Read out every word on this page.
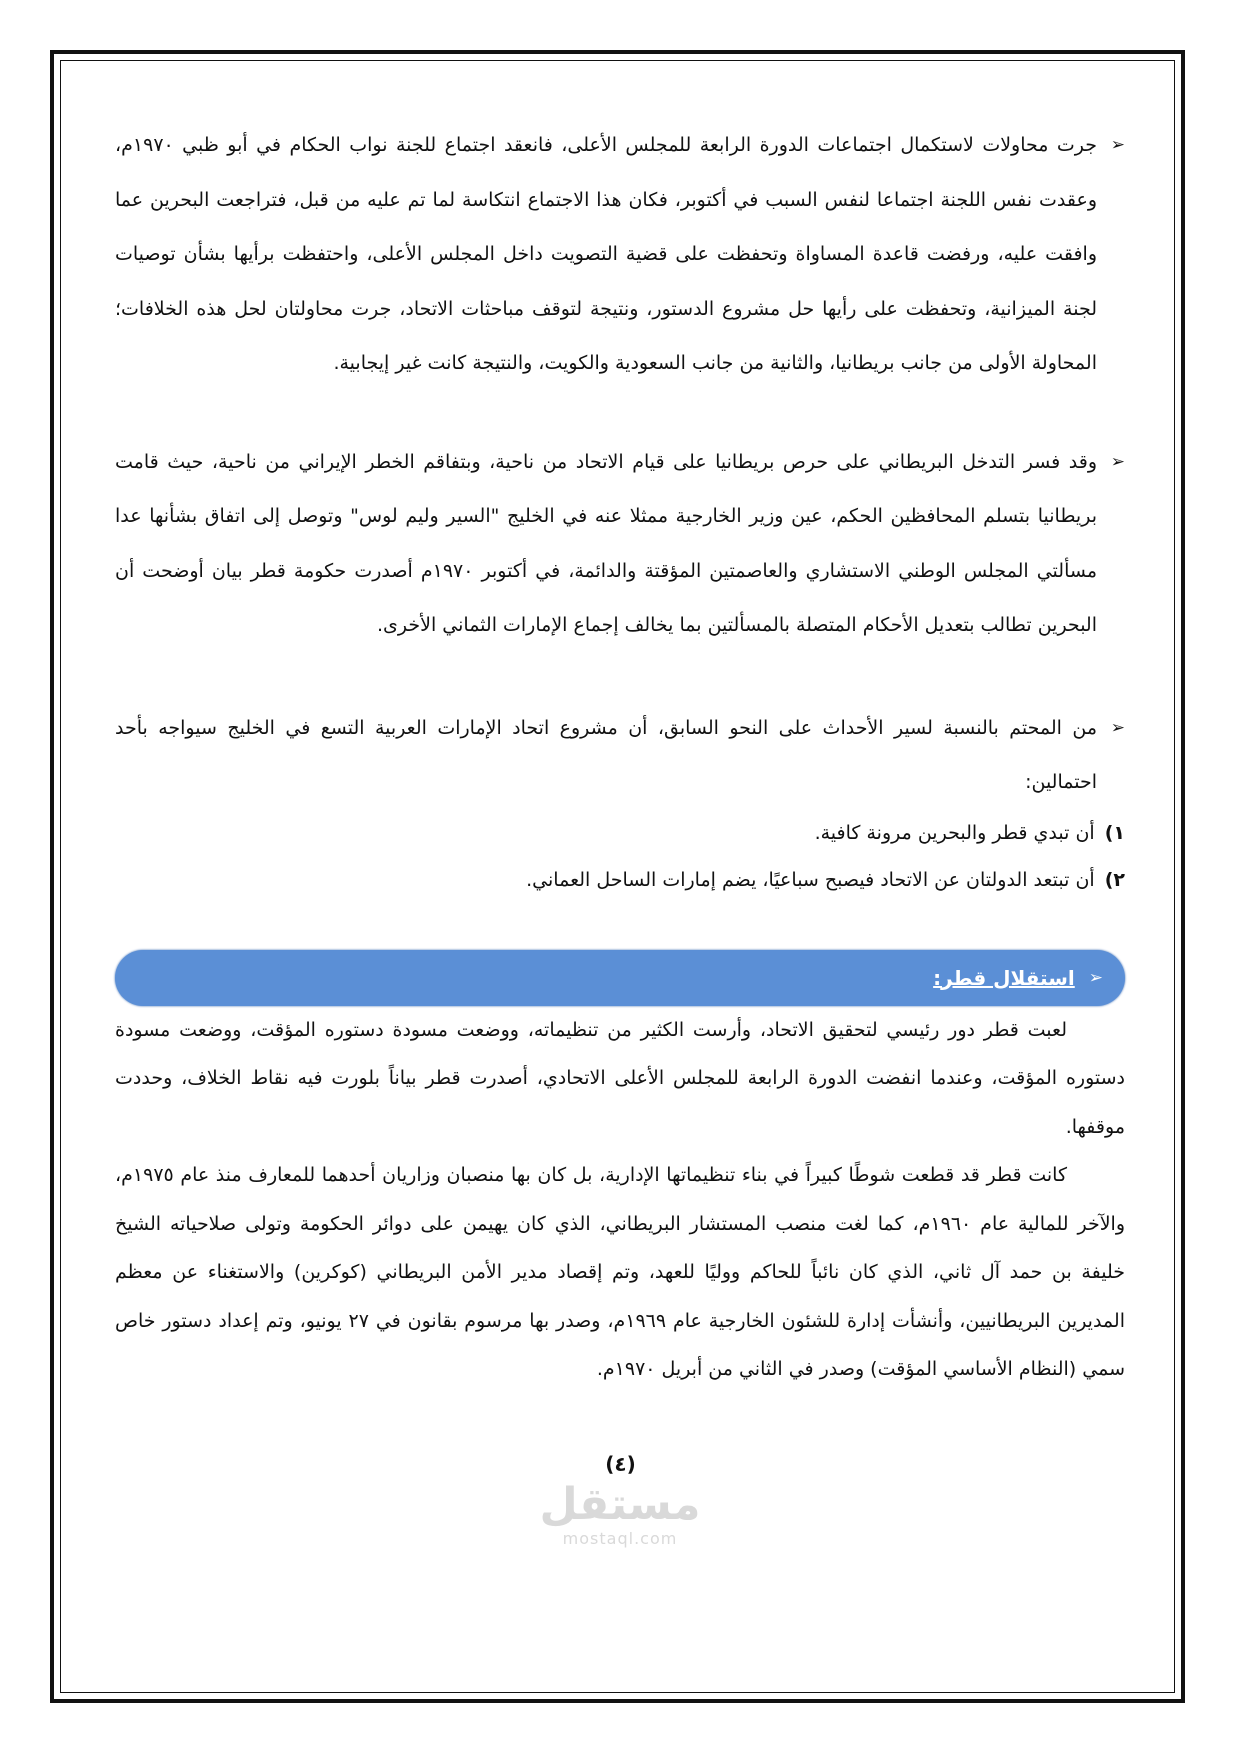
➢

جرت محاولات لاستكمال اجتماعات الدورة الرابعة للمجلس الأعلى، فانعقد اجتماع للجنة نواب الحكام في أبو ظبي ١٩٧٠م، وعقدت نفس اللجنة اجتماعا لنفس السبب في أكتوبر، فكان هذا الاجتماع انتكاسة لما تم عليه من قبل، فتراجعت البحرين عما وافقت عليه، ورفضت قاعدة المساواة وتحفظت على قضية التصويت داخل المجلس الأعلى، واحتفظت برأيها بشأن توصيات لجنة الميزانية، وتحفظت على رأيها حل مشروع الدستور، ونتيجة لتوقف مباحثات الاتحاد، جرت محاولتان لحل هذه الخلافات؛ المحاولة الأولى من جانب بريطانيا، والثانية من جانب السعودية والكويت، والنتيجة كانت غير إيجابية.

➢

وقد فسر التدخل البريطاني على حرص بريطانيا على قيام الاتحاد من ناحية، وبتفاقم الخطر الإيراني من ناحية، حيث قامت بريطانيا بتسلم المحافظين الحكم، عين وزير الخارجية ممثلا عنه في الخليج "السير وليم لوس" وتوصل إلى اتفاق بشأنها عدا مسألتي المجلس الوطني الاستشاري والعاصمتين المؤقتة والدائمة، في أكتوبر ١٩٧٠م أصدرت حكومة قطر بيان أوضحت أن البحرين تطالب بتعديل الأحكام المتصلة بالمسألتين بما يخالف إجماع الإمارات الثماني الأخرى.

➢

من المحتم بالنسبة لسير الأحداث على النحو السابق، أن مشروع اتحاد الإمارات العربية التسع في الخليج سيواجه بأحد احتمالين:

١)
أن تبدي قطر والبحرين مرونة كافية.
٢)
أن تبتعد الدولتان عن الاتحاد فيصبح سباعيًا، يضم إمارات الساحل العماني.
➢
استقلال قطر:

لعبت قطر دور رئيسي لتحقيق الاتحاد، وأرست الكثير من تنظيماته، ووضعت مسودة دستوره المؤقت، ووضعت مسودة دستوره المؤقت، وعندما انفضت الدورة الرابعة للمجلس الأعلى الاتحادي، أصدرت قطر بياناً بلورت فيه نقاط الخلاف، وحددت موقفها.

كانت قطر قد قطعت شوطًا كبيراً في بناء تنظيماتها الإدارية، بل كان بها منصبان وزاريان أحدهما للمعارف منذ عام ١٩٧٥م، والآخر للمالية عام ١٩٦٠م، كما لغت منصب المستشار البريطاني، الذي كان يهيمن على دوائر الحكومة وتولى صلاحياته الشيخ خليفة بن حمد آل ثاني، الذي كان نائباً للحاكم ووليًا للعهد، وتم إقصاد مدير الأمن البريطاني (كوكرين) والاستغناء عن معظم المديرين البريطانيين، وأنشأت إدارة للشئون الخارجية عام ١٩٦٩م، وصدر بها مرسوم بقانون في ٢٧ يونيو، وتم إعداد دستور خاص سمي (النظام الأساسي المؤقت) وصدر في الثاني من أبريل ١٩٧٠م.

(٤)
مستقل
mostaql.com
